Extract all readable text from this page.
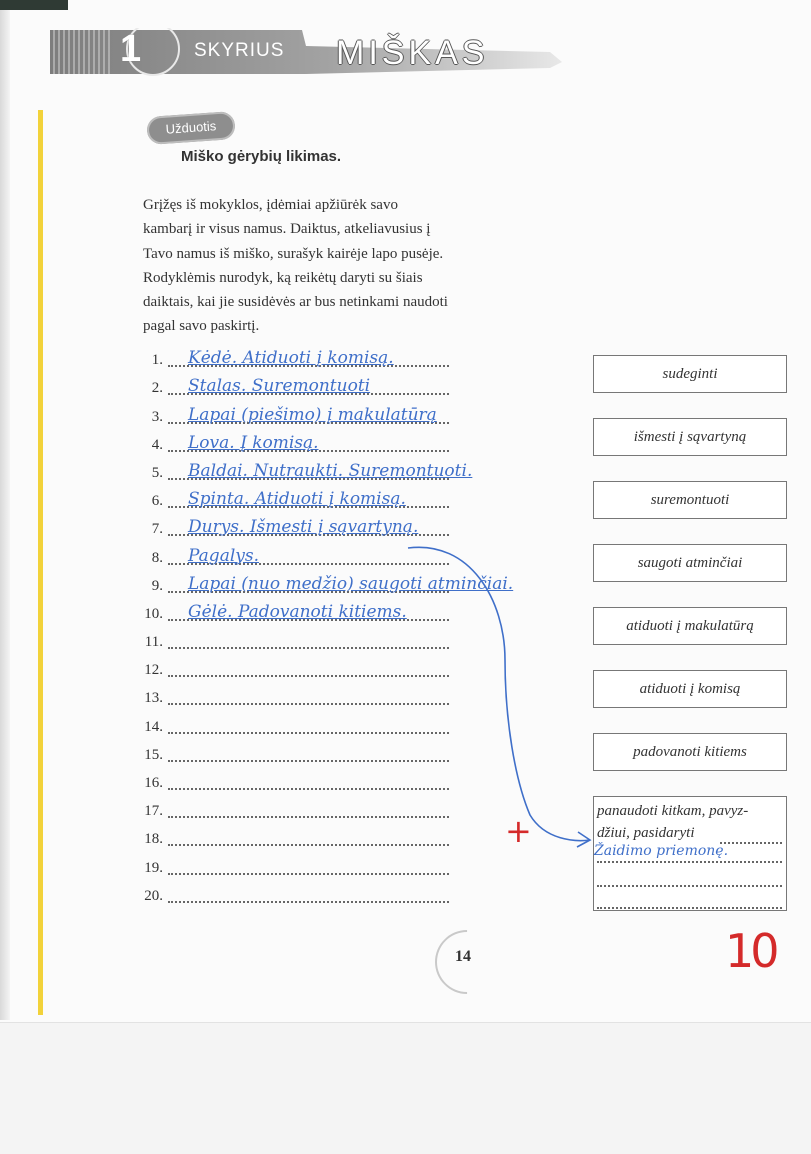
1	SKYRIUS MIŠKAS
Užduotis
Miško gėrybių likimas.
Grįžęs iš mokyklos, įdėmiai apžiūrėk savo kambarį ir visus namus. Daiktus, atkeliavusius į Tavo namus iš miško, surašyk kairėje lapo pusėje. Rodyklėmis nurodyk, ką reikėtų daryti su šiais daiktais, kai jie susidėvės ar bus netinkami naudoti pagal savo paskirtį.
1. Kėdė. Atiduoti į komisą.
2. Stalas. Suremontuoti
3. Lapai (piešimo) į makulatūrą
4. Lova. Į komisą.
5. Baldai. Nutraukti. Suremontuoti.
6. Spinta. Atiduoti į komisą.
7. Durys. Išmesti į sąvartyną.
8. Pagalys.
9. Lapai (nuo medžio) saugoti atminčiai.
10. Gėlė. Padovanoti kitiems.
11.
12.
13.
14.
15.
16.
17.
18.
19.
20.
sudeginti
išmesti į sąvartyną
suremontuoti
saugoti atminčiai
atiduoti į makulatūrą
atiduoti į komisą
padovanoti kitiems
panaudoti kitkam, pavyz-
džiui, pasidaryti
Žaidimo priemonę.
+
14	10
